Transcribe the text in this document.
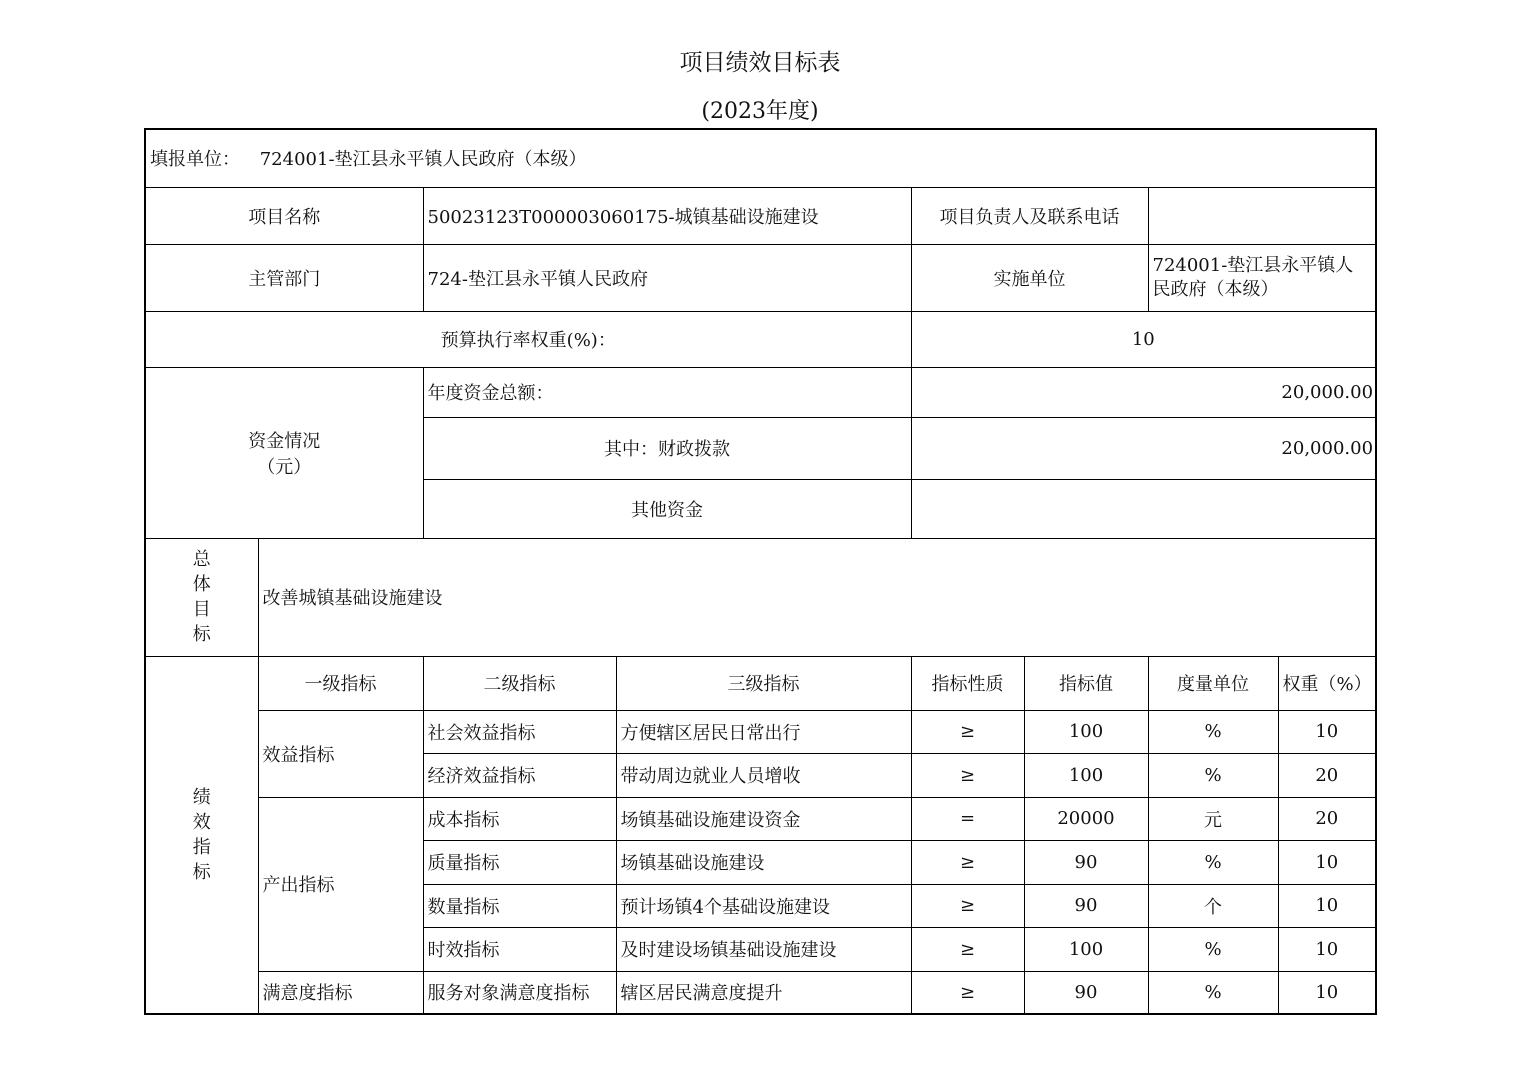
项目绩效目标表
(2023年度)
填报单位： 724001-垫江县永平镇人民政府（本级）							
项目名称		50023123T000003060175-城镇基础设施建设		项目负责人及联系电话			
主管部门		724-垫江县永平镇人民政府		实施单位		724001-垫江县永平镇人民政府（本级）	
预算执行率权重(%)：				10			

资金情况
（元）		年度资金总额：		20,000.00			
		其中：财政拨款		20,000.00			
		其他资金					

总
体
目
标	改善城镇基础设施建设						

绩
效
指
标	一级指标	二级指标	三级指标	指标性质	指标值	度量单位	权重（%）
	效益指标	社会效益指标	方便辖区居民日常出行	≥	100	%	10
		经济效益指标	带动周边就业人员增收	≥	100	%	20
	产出指标	成本指标	场镇基础设施建设资金	=	20000	元	20
		质量指标	场镇基础设施建设	≥	90	%	10
		数量指标	预计场镇4个基础设施建设	≥	90	个	10
		时效指标	及时建设场镇基础设施建设	≥	100	%	10
	满意度指标	服务对象满意度指标	辖区居民满意度提升	≥	90	%	10
